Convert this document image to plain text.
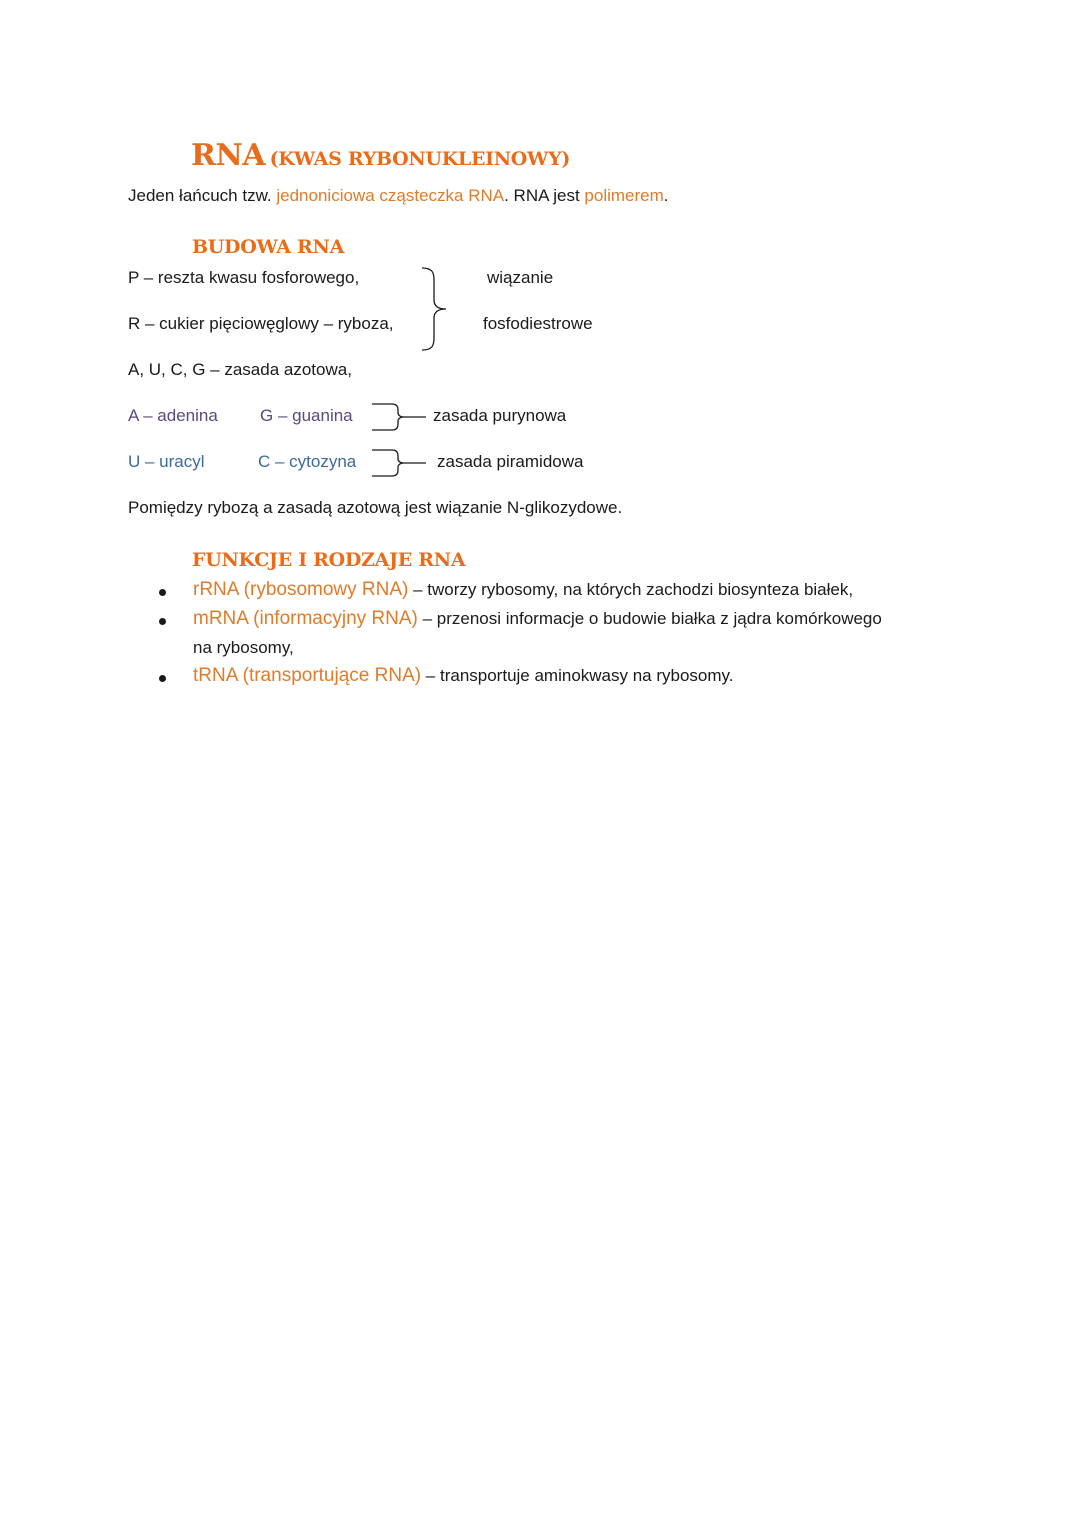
RNA (KWAS RYBONUKLEINOWY)
Jeden łańcuch tzw. jednoniciowa cząsteczka RNA. RNA jest polimerem.
BUDOWA RNA
P – reszta kwasu fosforowego,
R – cukier pięciowęglowy – ryboza,
wiązanie
fosfodiestrowe
A, U, C, G – zasada azotowa,
A – adenina G – guanina	zasada purynowa
U – uracyl	C – cytozyna	zasada piramidowa
Pomiędzy rybozą a zasadą azotową jest wiązanie N-glikozydowe.
FUNKCJE I RODZAJE RNA
rRNA (rybosomowy RNA) – tworzy rybosomy, na których zachodzi biosynteza białek,
mRNA (informacyjny RNA) – przenosi informacje o budowie białka z jądra komórkowego
na rybosomy,
tRNA (transportujące RNA) – transportuje aminokwasy na rybosomy.
